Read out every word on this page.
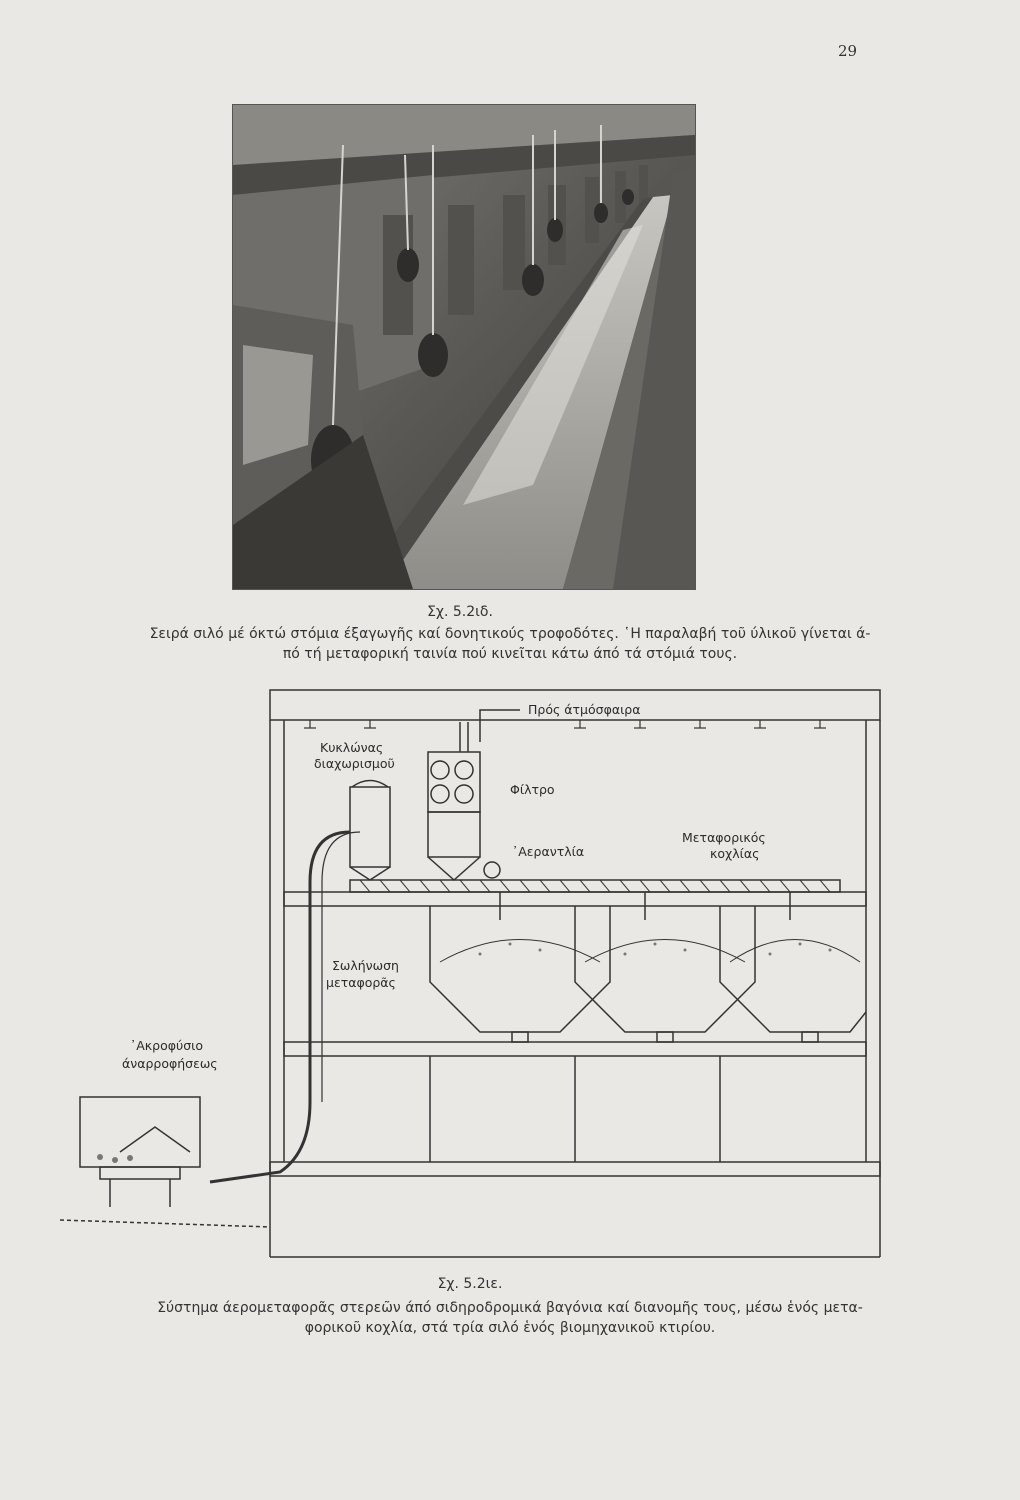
29
Σχ. 5.2ιδ.
Σειρά σιλό μέ όκτώ στόμια έξαγωγῆς καί δονητικούς τροφοδότες. ῾Η παραλαβή τοῦ ύλικοῦ γίνεται ά-
πό τή μεταφορική ταινία πού κινεῖται κάτω άπό τά στόμιά τους.
Πρός άτμόσφαιρα
Κυκλώνας
διαχωρισμοῦ
Φίλτρο
᾿Αεραντλία
Μεταφορικός
κοχλίας
Σωλήνωση
μεταφορᾶς
᾿Ακροφύσιο
άναρροφήσεως
Σχ. 5.2ιε.
Σύστημα άερομεταφορᾶς στερεῶν άπό σιδηροδρομικά βαγόνια καί διανομῆς τους, μέσω ἑνός μετα-
φορικοῦ κοχλία, στά τρία σιλό ἑνός βιομηχανικοῦ κτιρίου.
